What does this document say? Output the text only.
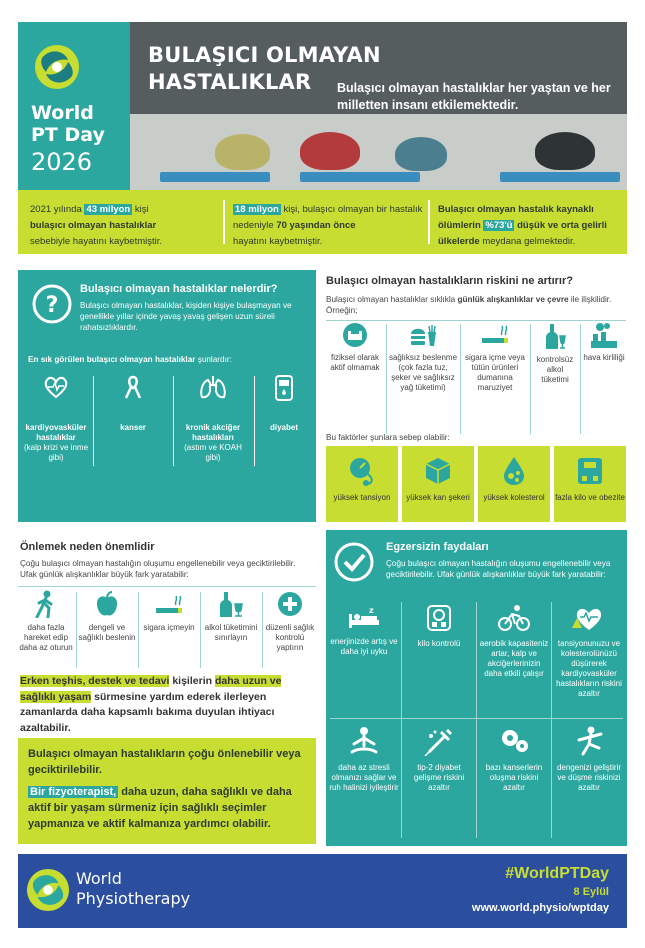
World
PT Day
2026
BULAŞICI OLMAYAN
HASTALIKLAR	Bulaşıcı olmayan hastalıklar her yaştan ve her milletten insanı etkilemektedir.
2021 yılında 43 milyon kişi
bulaşıcı olmayan hastalıklar
sebebiyle hayatını kaybetmiştir.
18 milyon kişi, bulaşıcı olmayan bir hastalık nedeniyle 70 yaşından önce
hayatını kaybetmiştir.
Bulaşıcı olmayan hastalık kaynaklı ölümlerin %73'ü düşük ve orta gelirli ülkelerde meydana gelmektedir.
?
Bulaşıcı olmayan hastalıklar nelerdir?
Bulaşıcı olmayan hastalıklar, kişiden kişiye bulaşmayan ve genellikle yıllar içinde yavaş yavaş gelişen uzun süreli rahatsızlıklardır.
En sık görülen bulaşıcı olmayan hastalıklar şunlardır:
kardiyovasküler hastalıklar
(kalp krizi ve inme gibi)
kanser	kronik akciğer hastalıkları
(astım ve KOAH gibi)
diyabet
Bulaşıcı olmayan hastalıkların riskini ne artırır?
Bulaşıcı olmayan hastalıklar sıklıkla günlük alışkanlıklar ve çevre ile ilişkilidir. Örneğin;
fiziksel olarak aktif olmamak
sağlıksız beslenme (çok fazla tuz, şeker ve sağlıksız yağ tüketimi)
sigara içme veya tütün ürünleri dumanına maruziyet
kontrolsüz alkol tüketimi
hava kirliliği
Bu faktörler şunlara sebep olabilir:
yüksek tansiyon	yüksek kan şekeri	yüksek kolesterol	fazla kilo ve obezite
Önlemek neden önemlidir
Çoğu bulaşıcı olmayan hastalığın oluşumu engellenebilir veya geciktirilebilir. Ufak günlük alışkanlıklar büyük fark yaratabilir:
daha fazla hareket edip daha az oturun
dengeli ve sağlıklı beslenin
sigara içmeyin	alkol tüketimini sınırlayın
düzenli sağlık kontrolü yaptırın
Erken teşhis, destek ve tedavi kişilerin daha uzun ve sağlıklı yaşam sürmesine yardım ederek ilerleyen zamanlarda daha kapsamlı bakıma duyulan ihtiyacı azaltabilir.
Bulaşıcı olmayan hastalıkların çoğu önlenebilir veya geciktirilebilir.
Bir fizyoterapist, daha uzun, daha sağlıklı ve daha aktif bir yaşam sürmeniz için sağlıklı seçimler yapmanıza ve aktif kalmanıza yardımcı olabilir.
Egzersizin faydaları
Çoğu bulaşıcı olmayan hastalığın oluşumu engellenebilir veya geciktirilebilir. Ufak günlük alışkanlıklar büyük fark yaratabilir:
z
enerjinizde artış ve daha iyi uyku
kilo kontrolü	aerobik kapasiteniz artar, kalp ve akciğerlerinizin daha etkili çalışır
tansiyonunuzu ve kolesterolünüzü düşürerek kardiyovasküler hastalıkların riskini azaltır
daha az stresli olmanızı sağlar ve ruh halinizi iyileştirir
tip-2 diyabet gelişme riskini azaltır
bazı kanserlerin oluşma riskini azaltır
dengenizi geliştirir ve düşme riskinizi azaltır
World
Physiotherapy
#WorldPTDay
8 Eylül
www.world.physio/wptday
